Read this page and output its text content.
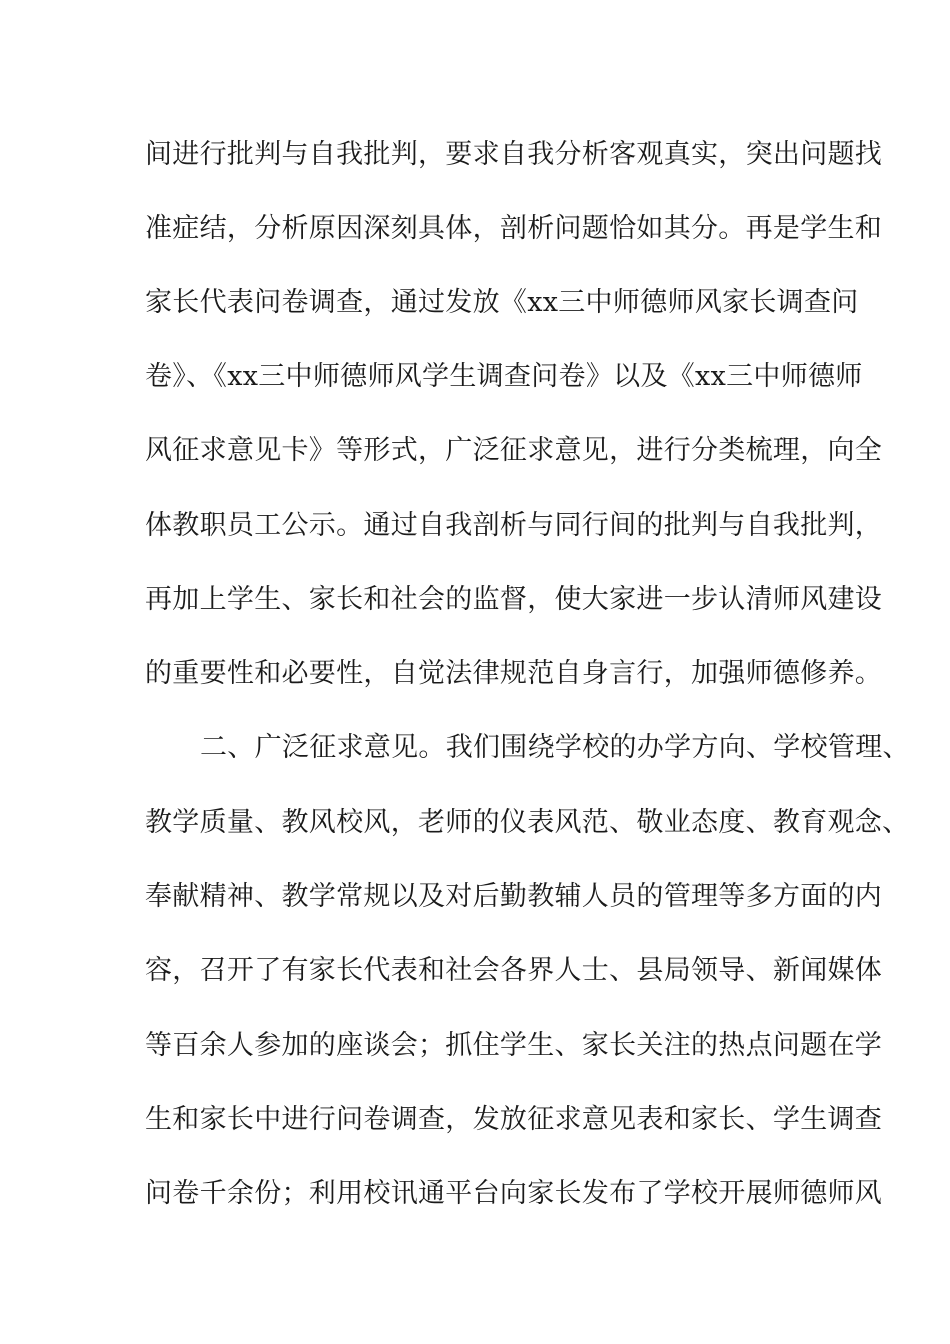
间进行批判与自我批判，要求自我分析客观真实，突出问题找
准症结，分析原因深刻具体，剖析问题恰如其分。再是学生和
家长代表问卷调查，通过发放《xx三中师德师风家长调查问
卷》、《xx三中师德师风学生调查问卷》以及《xx三中师德师
风征求意见卡》等形式，广泛征求意见，进行分类梳理，向全
体教职员工公示。通过自我剖析与同行间的批判与自我批判，
再加上学生、家长和社会的监督，使大家进一步认清师风建设
的重要性和必要性，自觉法律规范自身言行，加强师德修养。
二、广泛征求意见。我们围绕学校的办学方向、学校管理、
教学质量、教风校风，老师的仪表风范、敬业态度、教育观念、
奉献精神、教学常规以及对后勤教辅人员的管理等多方面的内
容，召开了有家长代表和社会各界人士、县局领导、新闻媒体
等百余人参加的座谈会；抓住学生、家长关注的热点问题在学
生和家长中进行问卷调查，发放征求意见表和家长、学生调查
问卷千余份；利用校讯通平台向家长发布了学校开展师德师风
